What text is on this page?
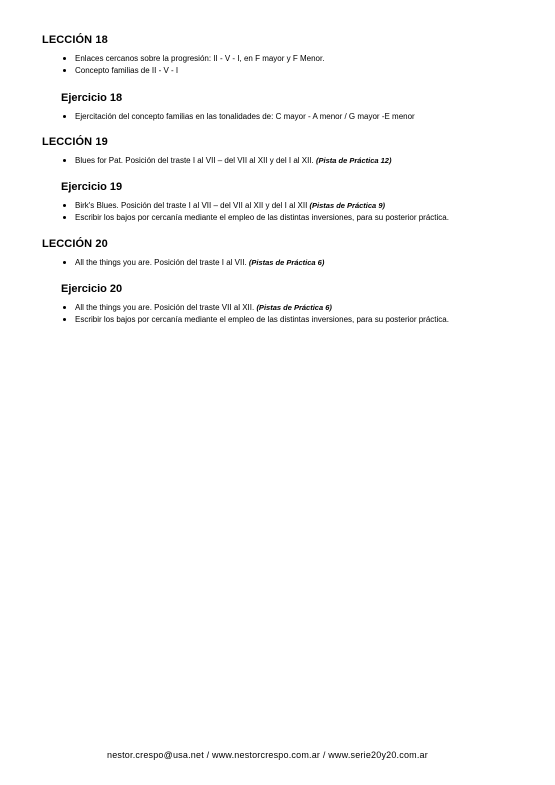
LECCIÓN 18
Enlaces cercanos sobre la progresión: II - V - I, en F mayor y F Menor.
Concepto familias de II - V - I
Ejercicio 18
Ejercitación del concepto familias en las tonalidades de: C mayor - A menor / G mayor -E menor
LECCIÓN 19
Blues for Pat. Posición del traste I al VII – del VII al XII y del I al XII. (Pista de Práctica 12)
Ejercicio 19
Birk's Blues. Posición del traste I al VII – del VII al XII y del I al XII (Pistas de Práctica 9)
Escribir los bajos por cercanía mediante el empleo de las distintas inversiones, para su posterior práctica.
LECCIÓN 20
All the things you are. Posición del traste I al VII. (Pistas de Práctica 6)
Ejercicio 20
All the things you are. Posición del traste VII al XII. (Pistas de Práctica 6)
Escribir los bajos por cercanía mediante el empleo de las distintas inversiones, para su posterior práctica.
nestor.crespo@usa.net / www.nestorcrespo.com.ar / www.serie20y20.com.ar
